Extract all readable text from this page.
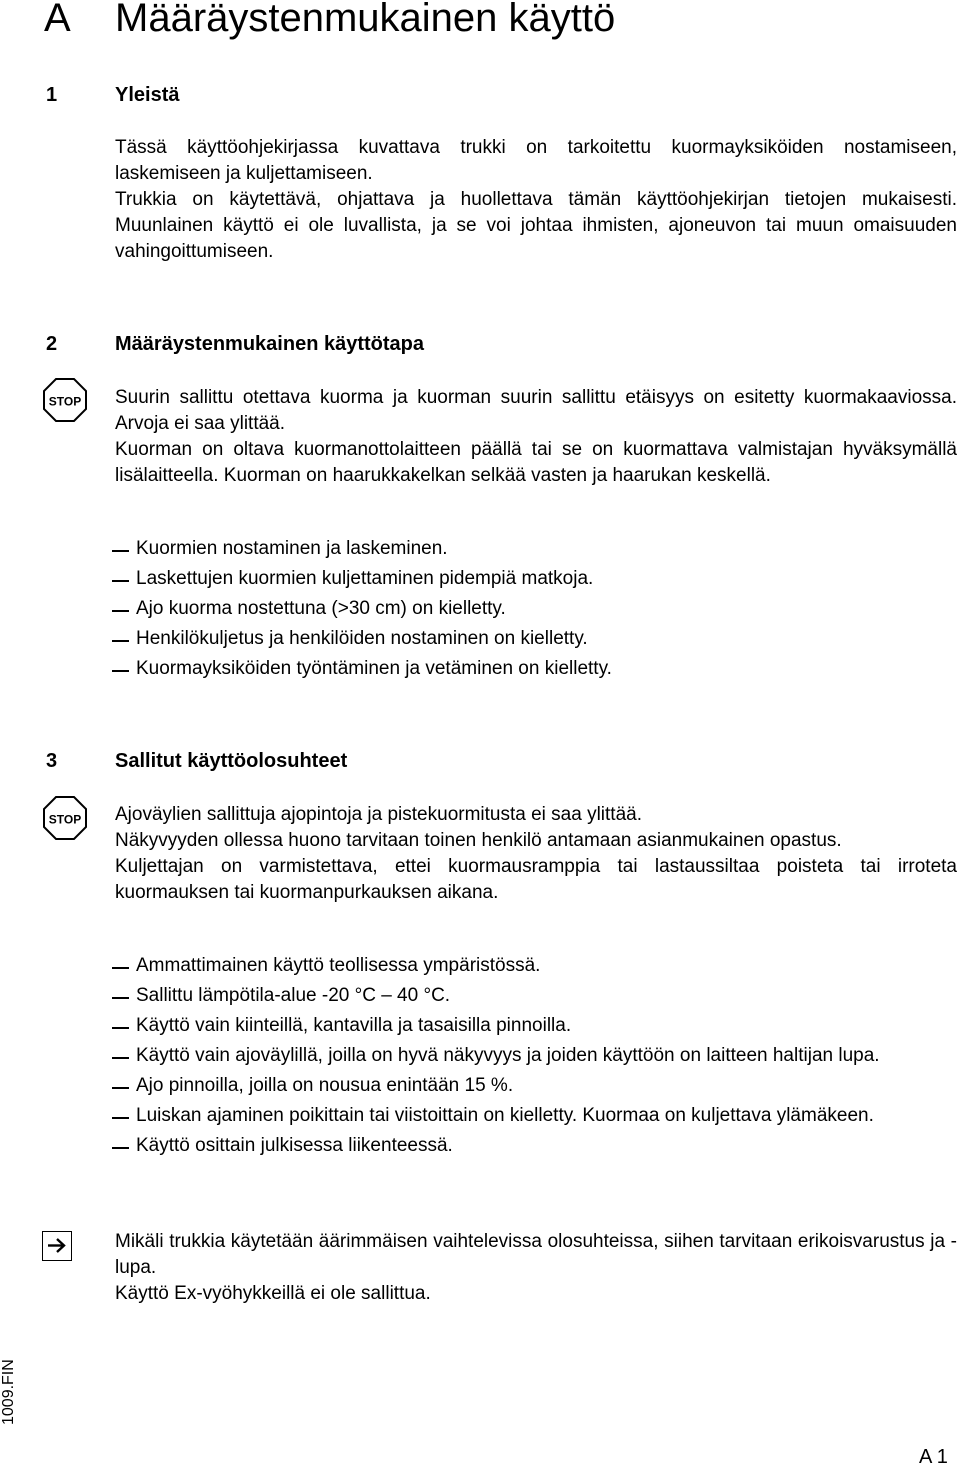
A Määräystenmukainen käyttö
1	Yleistä

Tässä käyttöohjekirjassa kuvattava trukki on tarkoitettu kuormayksiköiden nostamiseen, laskemiseen ja kuljettamiseen.

Trukkia on käytettävä, ohjattava ja huollettava tämän käyttöohjekirjan tietojen mukaisesti. Muunlainen käyttö ei ole luvallista, ja se voi johtaa ihmisten, ajoneuvon tai muun omaisuuden vahingoittumiseen.

2	Määräystenmukainen käyttötapa
STOP Suurin sallittu otettava kuorma ja kuorman suurin sallittu etäisyys on esitetty kuormakaaviossa. Arvoja ei saa ylittää.

Kuorman on oltava kuormanottolaitteen päällä tai se on kuormattava valmistajan hyväksymällä lisälaitteella. Kuorman on haarukkakelkan selkää vasten ja haarukan keskellä.

Kuormien nostaminen ja laskeminen.
Laskettujen kuormien kuljettaminen pidempiä matkoja.
Ajo kuorma nostettuna (>30 cm) on kielletty.
Henkilökuljetus ja henkilöiden nostaminen on kielletty.
Kuormayksiköiden työntäminen ja vetäminen on kielletty.
3	Sallitut käyttöolosuhteet
STOP Ajoväylien sallittuja ajopintoja ja pistekuormitusta ei saa ylittää.

Näkyvyyden ollessa huono tarvitaan toinen henkilö antamaan asianmukainen opastus.

Kuljettajan on varmistettava, ettei kuormausramppia tai lastaussiltaa poisteta tai irroteta kuormauksen tai kuormanpurkauksen aikana.

Ammattimainen käyttö teollisessa ympäristössä.
Sallittu lämpötila-alue -20 °C – 40 °C.
Käyttö vain kiinteillä, kantavilla ja tasaisilla pinnoilla.
Käyttö vain ajoväylillä, joilla on hyvä näkyvyys ja joiden käyttöön on laitteen haltijan lupa.
Ajo pinnoilla, joilla on nousua enintään 15 %.
Luiskan ajaminen poikittain tai viistoittain on kielletty. Kuormaa on kuljettava ylämäkeen.
Käyttö osittain julkisessa liikenteessä.

Mikäli trukkia käytetään äärimmäisen vaihtelevissa olosuhteissa, siihen tarvitaan erikoisvarustus ja -lupa.

Käyttö Ex-vyöhykkeillä ei ole sallittua.

1009.FIN
A 1
